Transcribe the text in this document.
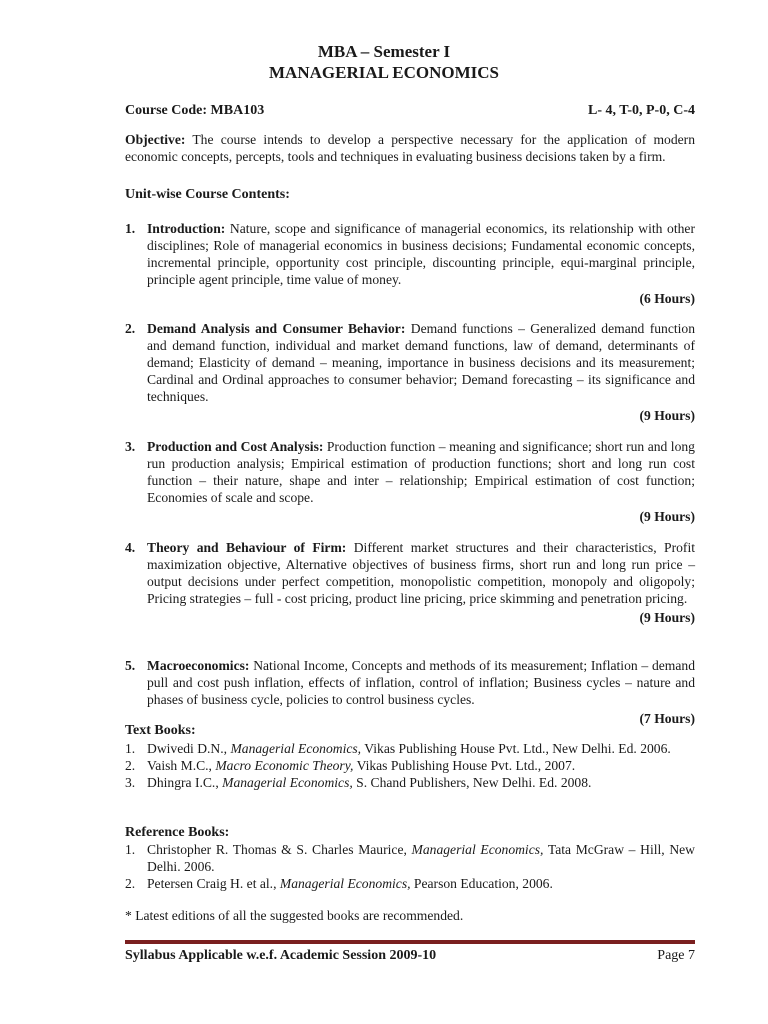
MBA – Semester I
MANAGERIAL ECONOMICS
Course Code: MBA103	L- 4, T-0, P-0, C-4
Objective: The course intends to develop a perspective necessary for the application of modern economic concepts, percepts, tools and techniques in evaluating business decisions taken by a firm.
Unit-wise Course Contents:
1. Introduction: Nature, scope and significance of managerial economics, its relationship with other disciplines; Role of managerial economics in business decisions; Fundamental economic concepts, incremental principle, opportunity cost principle, discounting principle, equi-marginal principle, principle agent principle, time value of money.
(6 Hours)
2. Demand Analysis and Consumer Behavior: Demand functions – Generalized demand function and demand function, individual and market demand functions, law of demand, determinants of demand; Elasticity of demand – meaning, importance in business decisions and its measurement; Cardinal and Ordinal approaches to consumer behavior; Demand forecasting – its significance and techniques.
(9 Hours)
3. Production and Cost Analysis: Production function – meaning and significance; short run and long run production analysis; Empirical estimation of production functions; short and long run cost function – their nature, shape and inter – relationship; Empirical estimation of cost function; Economies of scale and scope.
(9 Hours)
4. Theory and Behaviour of Firm: Different market structures and their characteristics, Profit maximization objective, Alternative objectives of business firms, short run and long run price – output decisions under perfect competition, monopolistic competition, monopoly and oligopoly; Pricing strategies – full - cost pricing, product line pricing, price skimming and penetration pricing.
(9 Hours)
5. Macroeconomics: National Income, Concepts and methods of its measurement; Inflation – demand pull and cost push inflation, effects of inflation, control of inflation; Business cycles – nature and phases of business cycle, policies to control business cycles.
(7 Hours)
Text Books:
1. Dwivedi D.N., Managerial Economics, Vikas Publishing House Pvt. Ltd., New Delhi. Ed. 2006.
2. Vaish M.C., Macro Economic Theory, Vikas Publishing House Pvt. Ltd., 2007.
3. Dhingra I.C., Managerial Economics, S. Chand Publishers, New Delhi. Ed. 2008.
Reference Books:
1. Christopher R. Thomas & S. Charles Maurice, Managerial Economics, Tata McGraw – Hill, New Delhi. 2006.
2. Petersen Craig H. et al., Managerial Economics, Pearson Education, 2006.
* Latest editions of all the suggested books are recommended.
Syllabus Applicable w.e.f. Academic Session 2009-10	Page 7
